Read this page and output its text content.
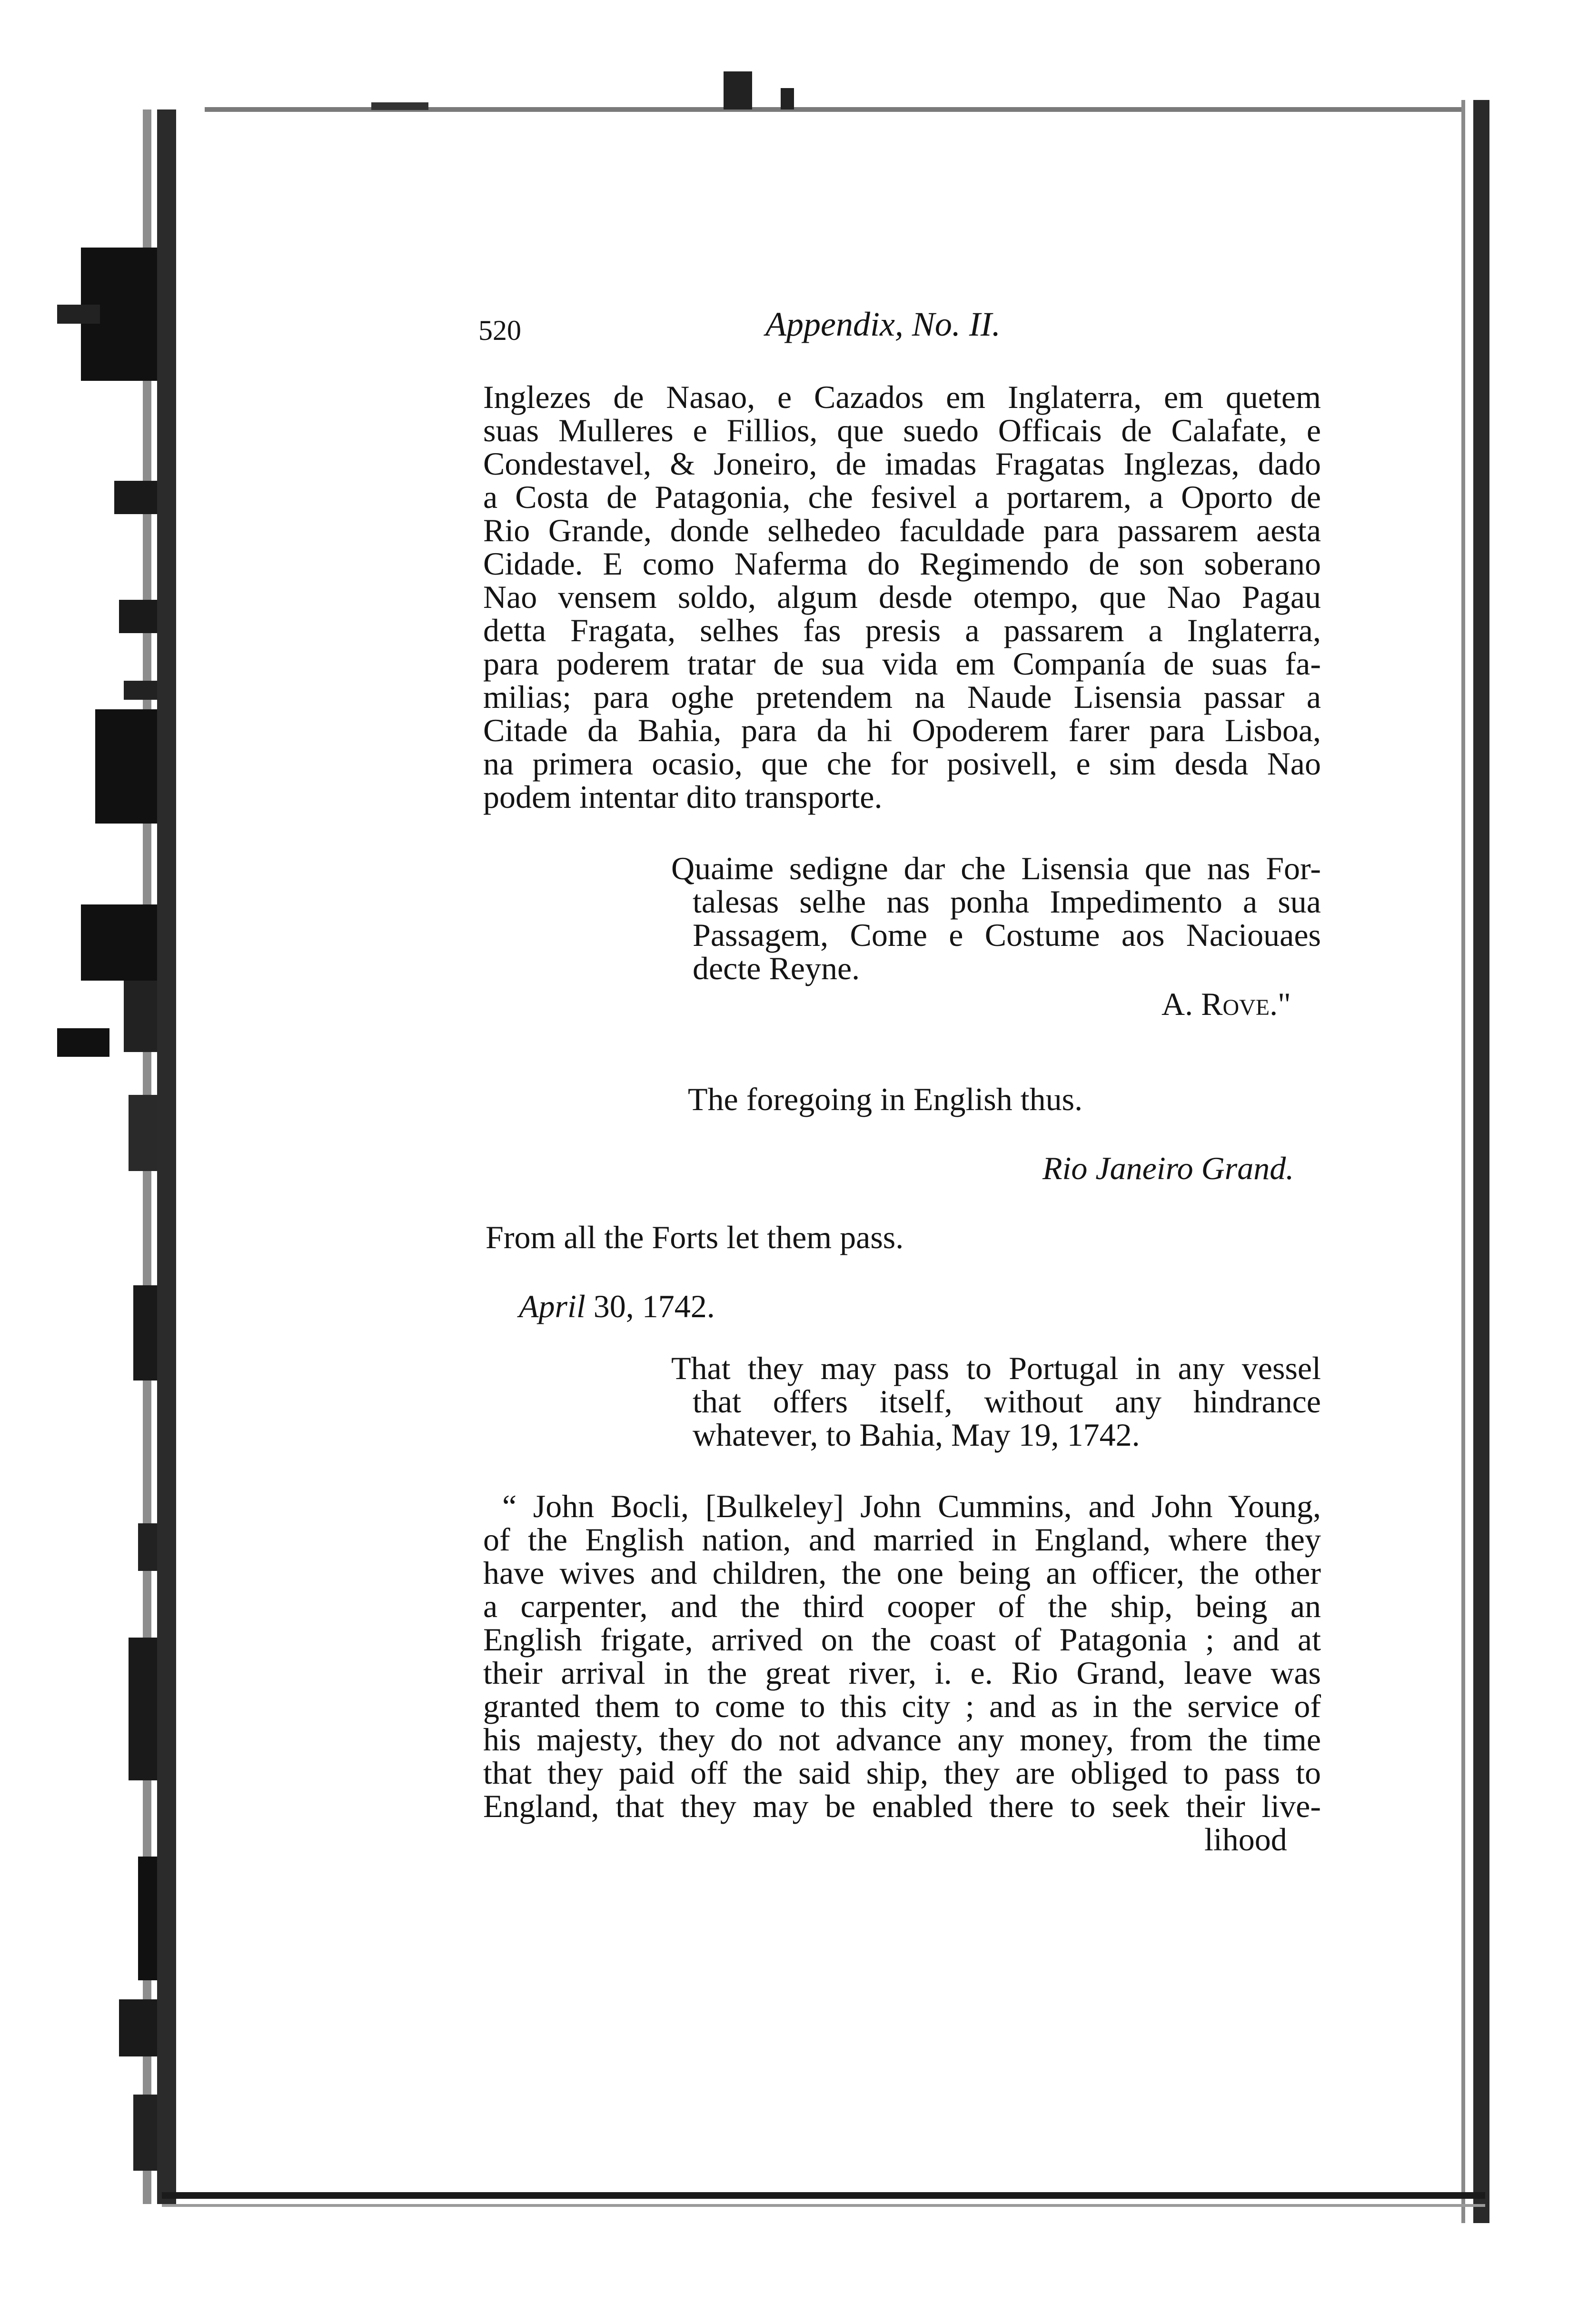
520	Appendix, No. II.
Inglezes de Nasao, e Cazados em Inglaterra, em quetem
suas Mulleres e Fillios, que suedo Officais de Calafate, e
Condestavel, & Joneiro, de imadas Fragatas Inglezas, dado
a Costa de Patagonia, che fesivel a portarem, a Oporto de
Rio Grande, donde selhedeo faculdade para passarem aesta
Cidade. E como Naferma do Regimendo de son soberano
Nao vensem soldo, algum desde otempo, que Nao Pagau
detta Fragata, selhes fas presis a passarem a Inglaterra,
para poderem tratar de sua vida em Companía de suas fa-
milias; para oghe pretendem na Naude Lisensia passar a
Citade da Bahia, para da hi Opoderem farer para Lisboa,
na primera ocasio, que che for posivell, e sim desda Nao
podem intentar dito transporte.
Quaime sedigne dar che Lisensia que nas For-
talesas selhe nas ponha Impedimento a sua
Passagem, Come e Costume aos Naciouaes
decte Reyne.
A. Rove."
The foregoing in English thus.
Rio Janeiro Grand.
From all the Forts let them pass.
April 30, 1742.
That they may pass to Portugal in any vessel
that offers itself, without any hindrance
whatever, to Bahia, May 19, 1742.
“ John Bocli, [Bulkeley] John Cummins, and John Young,
of the English nation, and married in England, where they
have wives and children, the one being an officer, the other
a carpenter, and the third cooper of the ship, being an
English frigate, arrived on the coast of Patagonia ; and at
their arrival in the great river, i. e. Rio Grand, leave was
granted them to come to this city ; and as in the service of
his majesty, they do not advance any money, from the time
that they paid off the said ship, they are obliged to pass to
England, that they may be enabled there to seek their live-
lihood
